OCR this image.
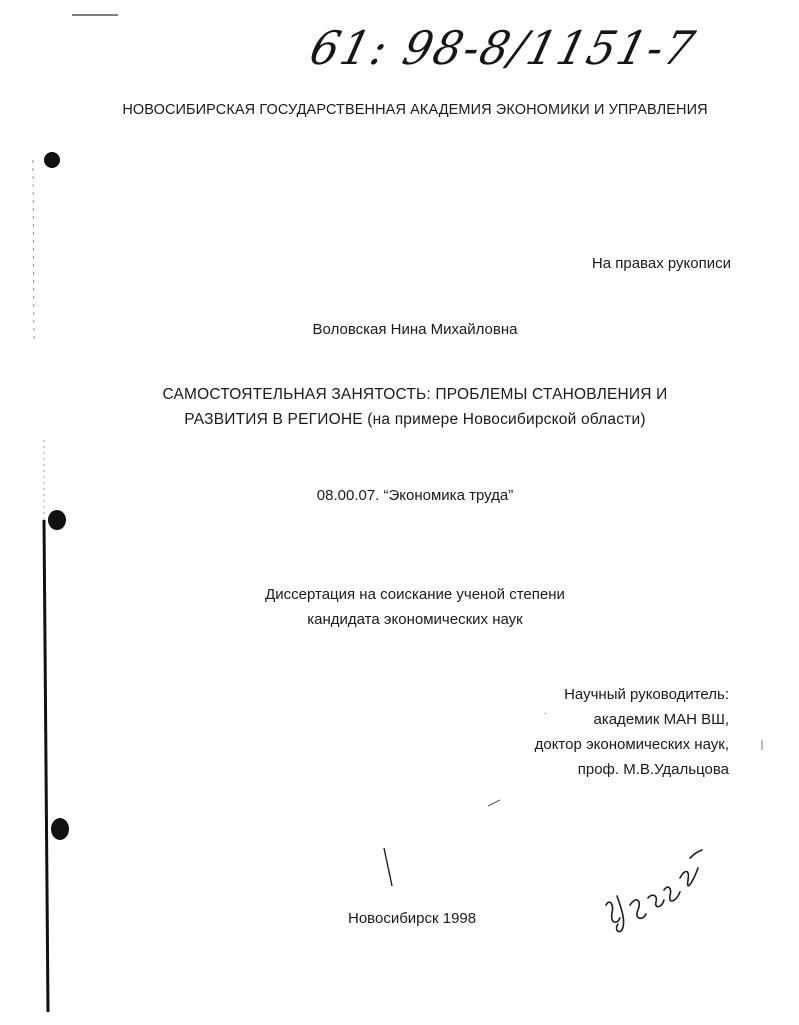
61: 98-8/1151-7
НОВОСИБИРСКАЯ ГОСУДАРСТВЕННАЯ АКАДЕМИЯ ЭКОНОМИКИ И УПРАВЛЕНИЯ
На правах рукописи
Воловская Нина Михайловна
САМОСТОЯТЕЛЬНАЯ ЗАНЯТОСТЬ: ПРОБЛЕМЫ СТАНОВЛЕНИЯ И
РАЗВИТИЯ В РЕГИОНЕ (на примере Новосибирской области)
08.00.07. “Экономика труда”
Диссертация на соискание ученой степени
кандидата экономических наук
Научный руководитель:
академик МАН ВШ,
доктор экономических наук,
проф. М.В.Удальцова
Новосибирск 1998
